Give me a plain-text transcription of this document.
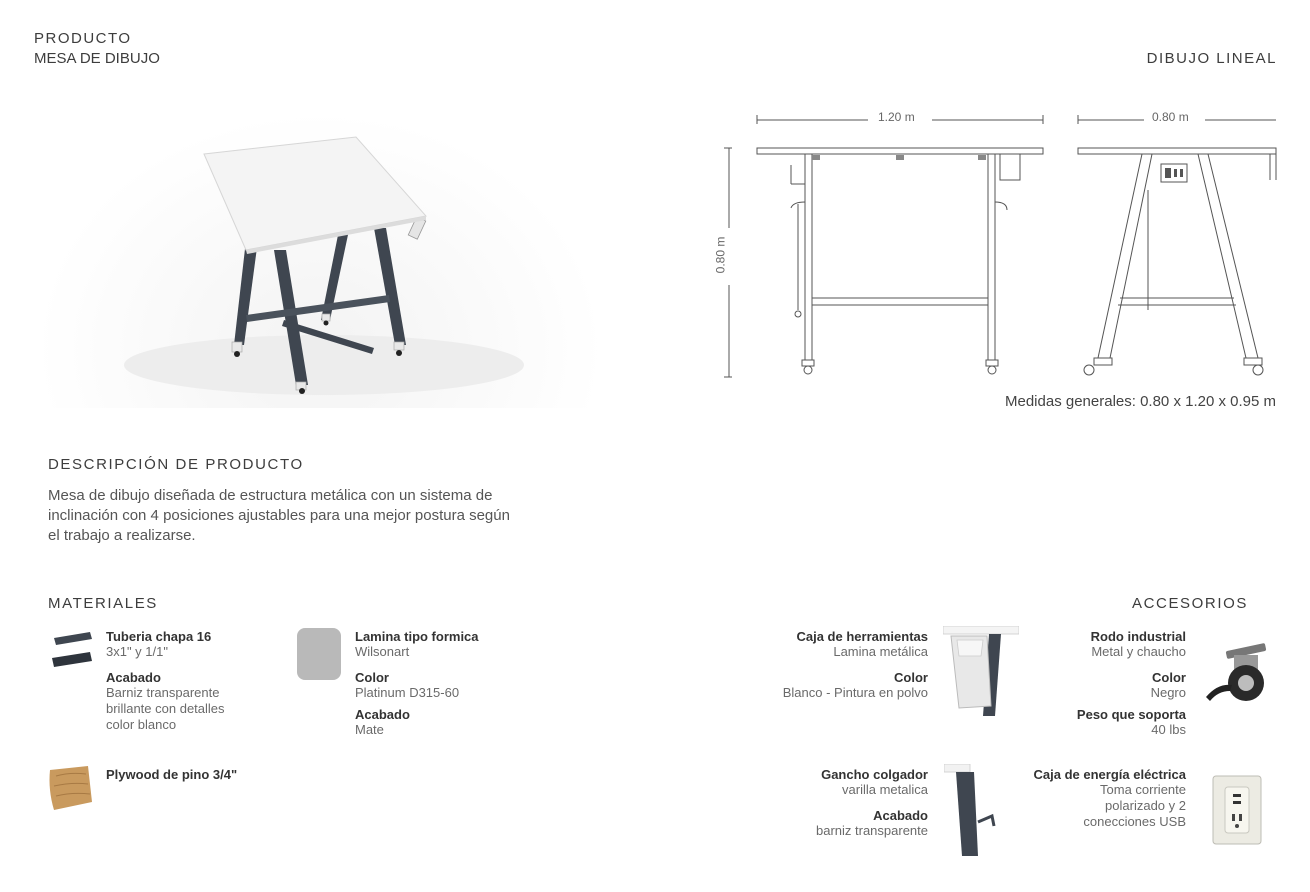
PRODUCTO
MESA DE DIBUJO	DIBUJO LINEAL
1.20 m	0.80 m
0.80 m
Medidas generales: 0.80 x 1.20 x 0.95 m
DESCRIPCIÓN DE PRODUCTO
Mesa de dibujo diseñada de estructura metálica con un sistema de
inclinación con 4 posiciones ajustables para una mejor postura según
el trabajo a realizarse.
MATERIALES
Tuberia chapa 16
3x1" y 1/1"
Acabado
Barniz transparente
brillante con detalles
color blanco
Lamina tipo formica
Wilsonart
Color
Platinum D315-60
Acabado
Mate
Plywood de pino 3/4"
ACCESORIOS
Caja de herramientas
Lamina metálica
Color
Blanco - Pintura en polvo
Rodo industrial
Metal y chaucho
Color
Negro
Peso que soporta
40 lbs
Gancho colgador
varilla metalica
Acabado
barniz transparente
Caja de energía eléctrica
Toma corriente
polarizado y 2
conecciones USB
